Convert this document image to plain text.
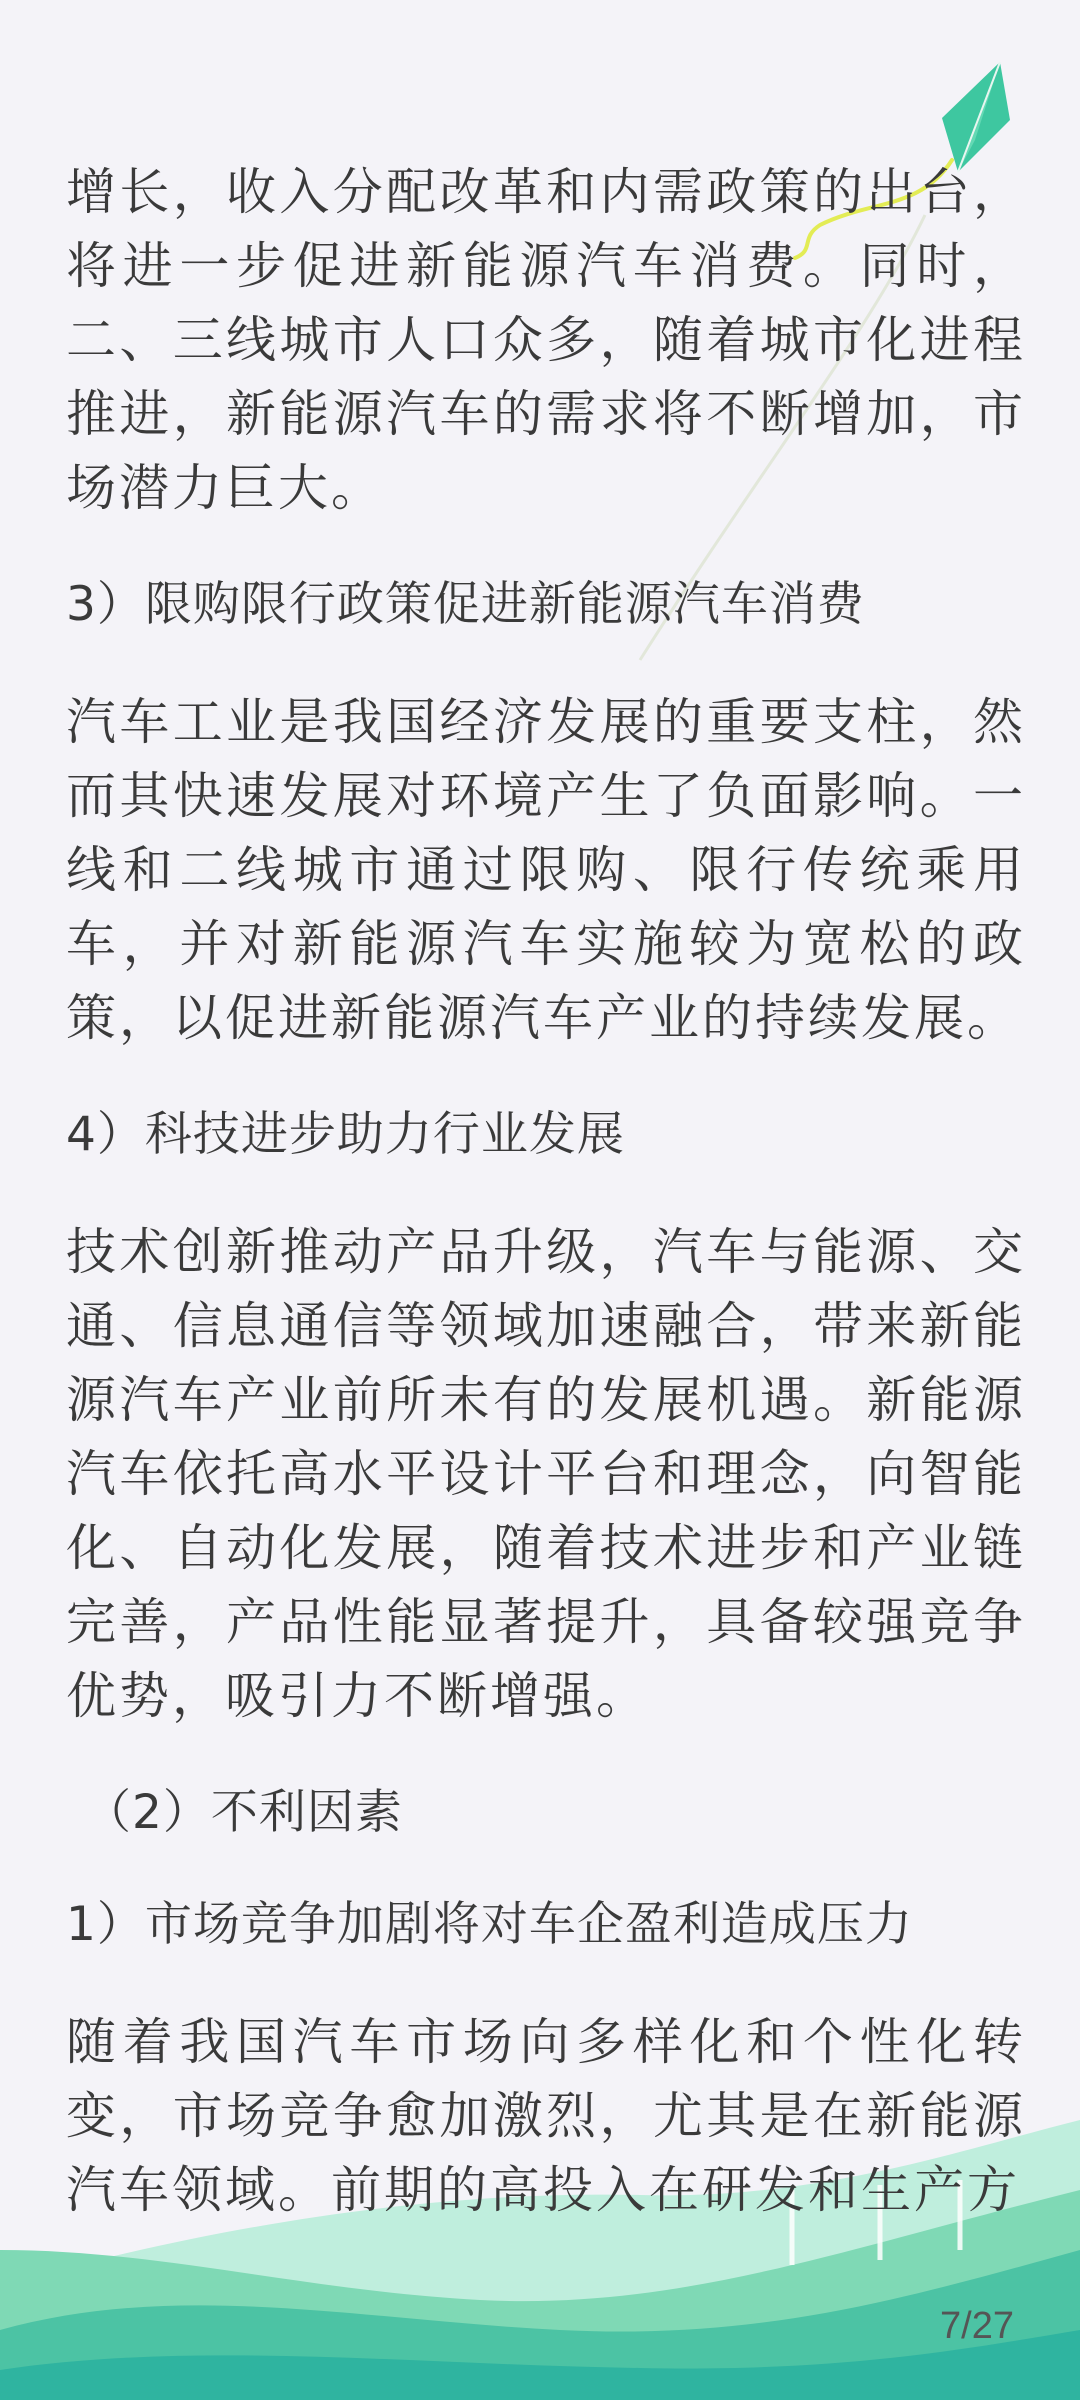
增长，收入分配改革和内需政策的出台，将进一步促进新能源汽车消费。同时，二、三线城市人口众多，随着城市化进程推进，新能源汽车的需求将不断增加，市场潜力巨大。

3）限购限行政策促进新能源汽车消费

汽车工业是我国经济发展的重要支柱，然而其快速发展对环境产生了负面影响。一线和二线城市通过限购、限行传统乘用车，并对新能源汽车实施较为宽松的政策，以促进新能源汽车产业的持续发展。

4）科技进步助力行业发展

技术创新推动产品升级，汽车与能源、交通、信息通信等领域加速融合，带来新能源汽车产业前所未有的发展机遇。新能源汽车依托高水平设计平台和理念，向智能化、自动化发展，随着技术进步和产业链完善，产品性能显著提升，具备较强竞争优势，吸引力不断增强。

（2）不利因素

1）市场竞争加剧将对车企盈利造成压力

随着我国汽车市场向多样化和个性化转变，市场竞争愈加激烈，尤其是在新能源汽车领域。前期的高投入在研发和生产方

7/27
